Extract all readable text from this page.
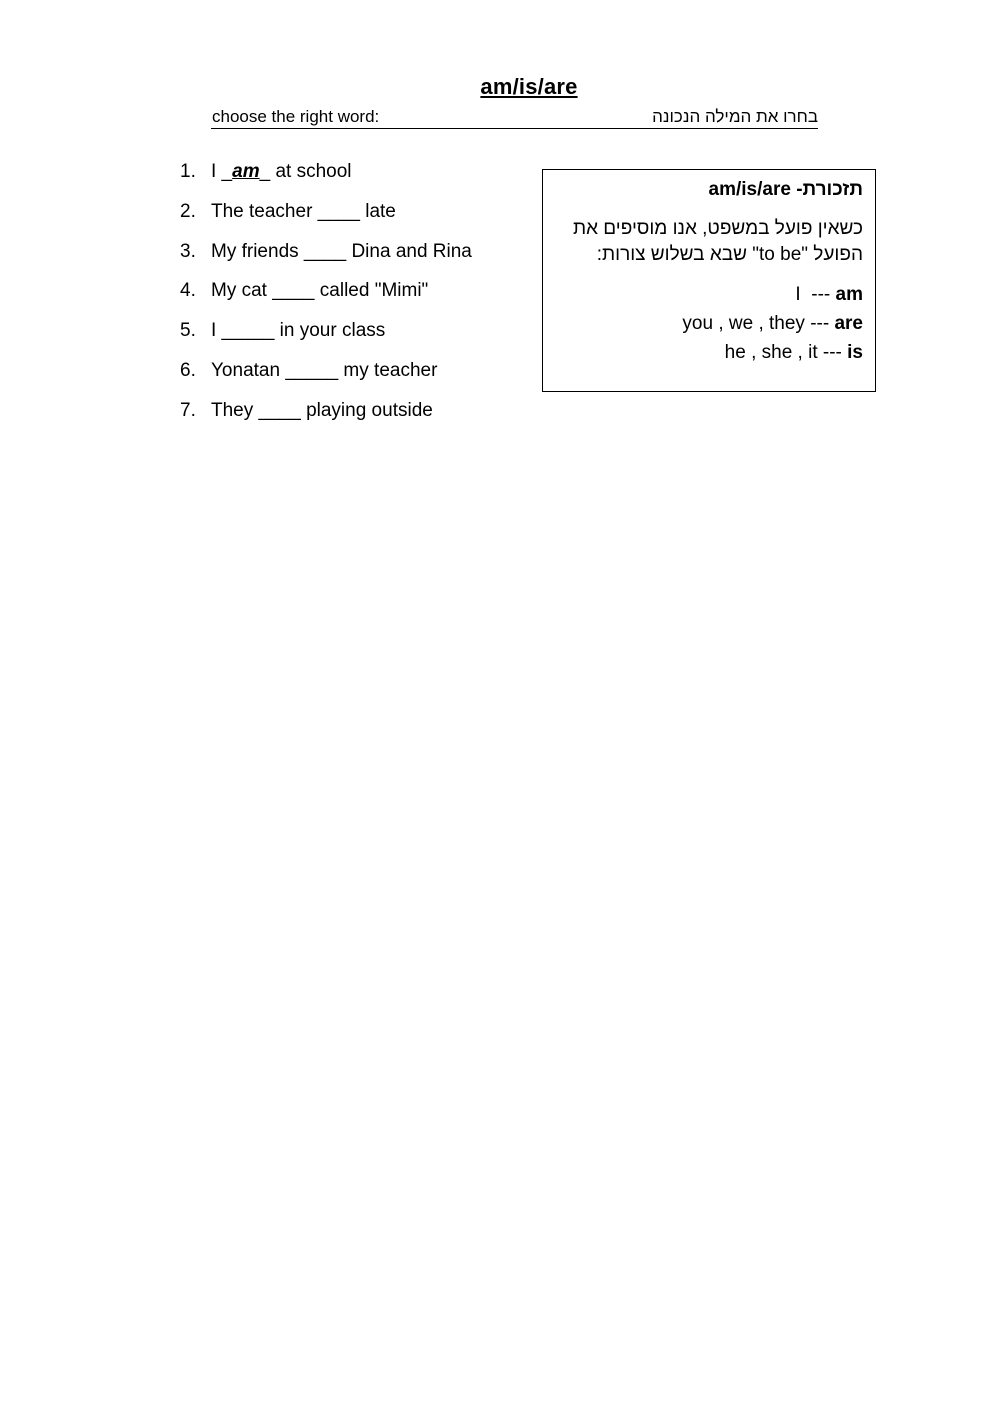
am/is/are
choose the right word:	בחרו את המילה הנכונה
1. I _am_ at school
2. The teacher ____ late
3. My friends ____ Dina and Rina
4. My cat ____ called "Mimi"
5. I _____ in your class
6. Yonatan _____ my teacher
7. They ____ playing outside
תזכורת- am/is/are
כשאין פועל במשפט, אנו מוסיפים את הפועל "to be" שבא בשלוש צורות:
I  --- am
you , we , they --- are
he , she , it --- is
